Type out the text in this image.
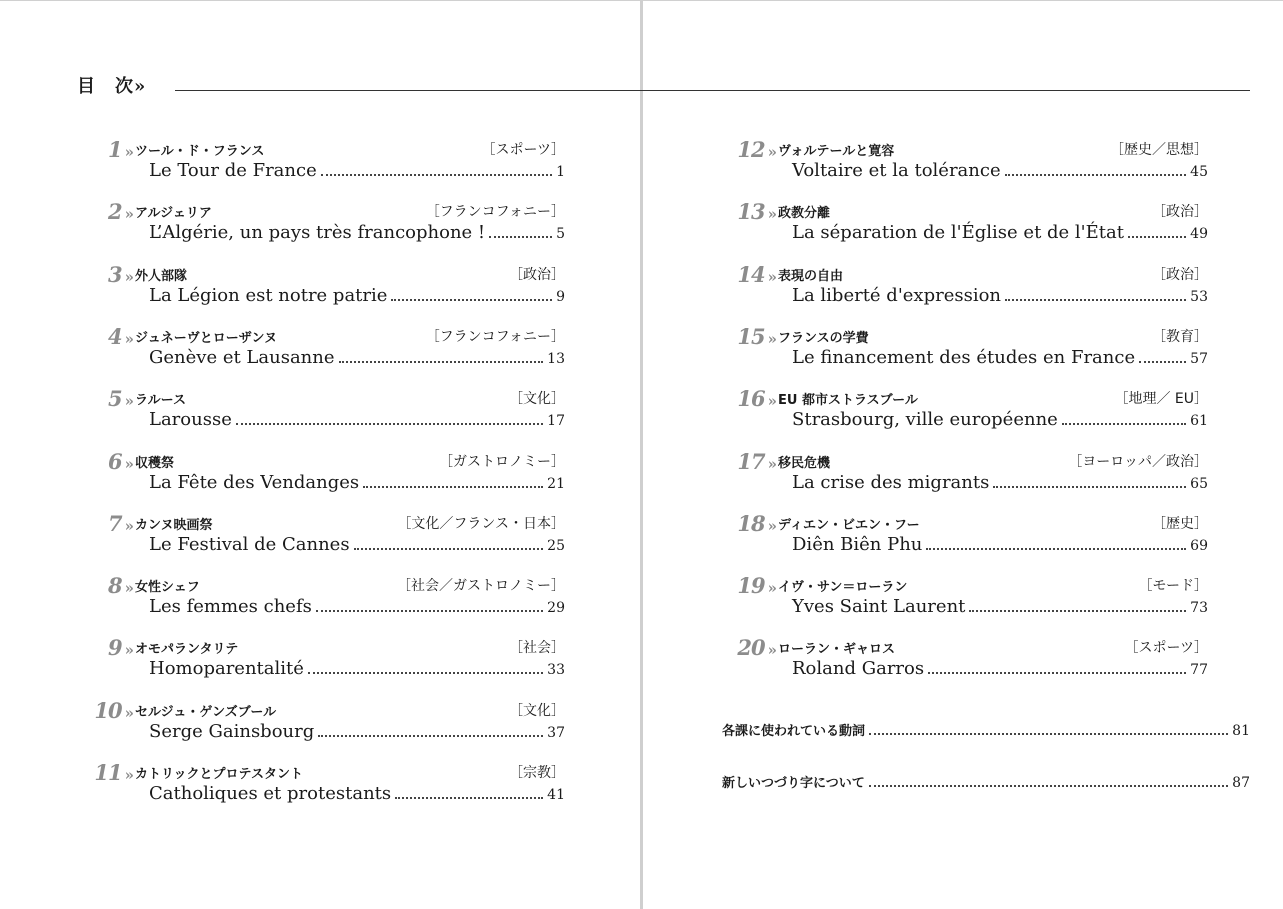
目　次»
1 » ツール・ド・フランス	［スポーツ］
Le Tour de France	1
2 » アルジェリア	［フランコフォニー］
L’Algérie, un pays très francophone !	5
3 » 外人部隊	［政治］
La Légion est notre patrie	9
4 » ジュネーヴとローザンヌ	［フランコフォニー］
Genève et Lausanne	13
5 » ラルース	［文化］
Larousse	17
6 » 収穫祭	［ガストロノミー］
La Fête des Vendanges	21
7 » カンヌ映画祭	［文化／フランス・日本］
Le Festival de Cannes	25
8 » 女性シェフ	［社会／ガストロノミー］
Les femmes chefs	29
9 » オモパランタリテ	［社会］
Homoparentalité	33
10 » セルジュ・ゲンズブール	［文化］
Serge Gainsbourg	37
11 » カトリックとプロテスタント	［宗教］
Catholiques et protestants	41
12 » ヴォルテールと寛容	［歴史／思想］
Voltaire et la tolérance	45
13 » 政教分離	［政治］
La séparation de l'Église et de l'État	49
14 » 表現の自由	［政治］
La liberté d'expression	53
15 » フランスの学費	［教育］
Le financement des études en France	57
16 » EU 都市ストラスブール	［地理／ EU］
Strasbourg, ville européenne	61
17 » 移民危機	［ヨーロッパ／政治］
La crise des migrants	65
18 » ディエン・ビエン・フー	［歴史］
Diên Biên Phu	69
19 » イヴ・サン＝ローラン	［モード］
Yves Saint Laurent	73
20 » ローラン・ギャロス	［スポーツ］
Roland Garros	77
各課に使われている動詞	81
新しいつづり字について	87
